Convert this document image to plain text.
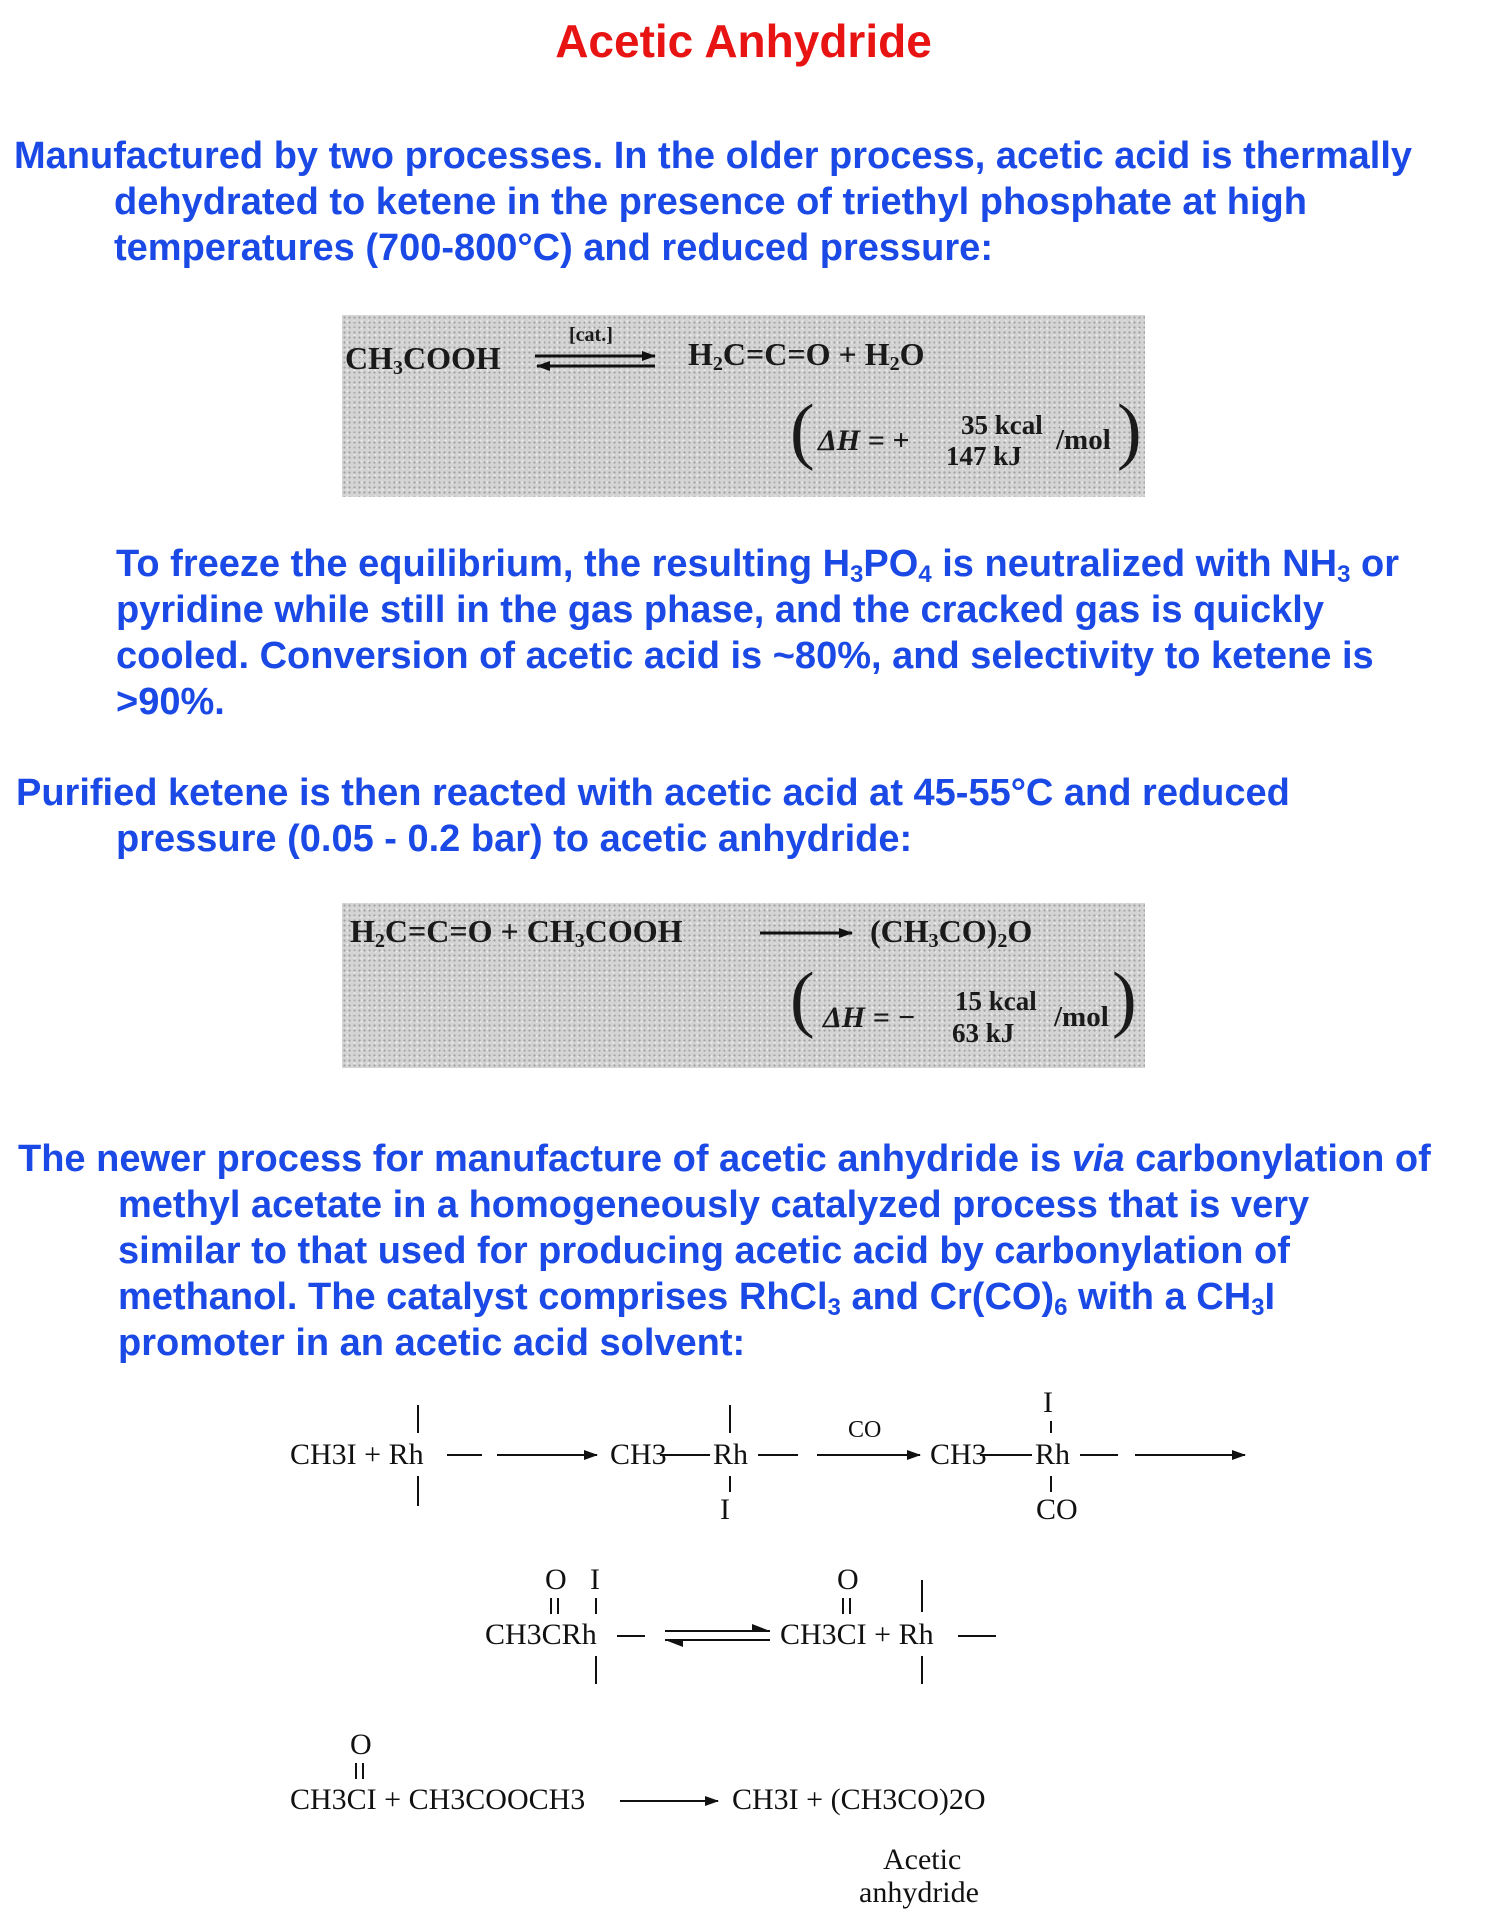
Acetic Anhydride
Manufactured by two processes. In the older process, acetic acid is thermally
dehydrated to ketene in the presence of triethyl phosphate at high
temperatures (700-800°C) and reduced pressure:
$CH_3COOH$
[cat.]
$H_2C=C=O + H_2O$
( ΔH = + 35 kcal
147 kJ /mol )
To freeze the equilibrium, the resulting $H_3PO_4$ is neutralized with $NH_3$ or
pyridine while still in the gas phase, and the cracked gas is quickly
cooled. Conversion of acetic acid is ~80%, and selectivity to ketene is
>90%.
Purified ketene is then reacted with acetic acid at 45-55°C and reduced
pressure (0.05 - 0.2 bar) to acetic anhydride:
$H_2C=C=O$ + $CH_3COOH$	$(CH_3CO)_2O$
( ΔH = − 15 kcal
63 kJ /mol )
The newer process for manufacture of acetic anhydride is via carbonylation of
methyl acetate in a homogeneously catalyzed process that is very
similar to that used for producing acetic acid by carbonylation of
methanol. The catalyst comprises RhCl$_3$ and $Cr(CO)_6$ with a $CH_3I$
promoter in an acetic acid solvent:
CH3I + Rh	CH3 Rh
I
CO
I
CH3 Rh
CO
O I
CH3CRh
O
CH3CI + Rh
O
CH3CI + CH3COOCH3	CH3I + (CH3CO)2O
Acetic
anhydride
